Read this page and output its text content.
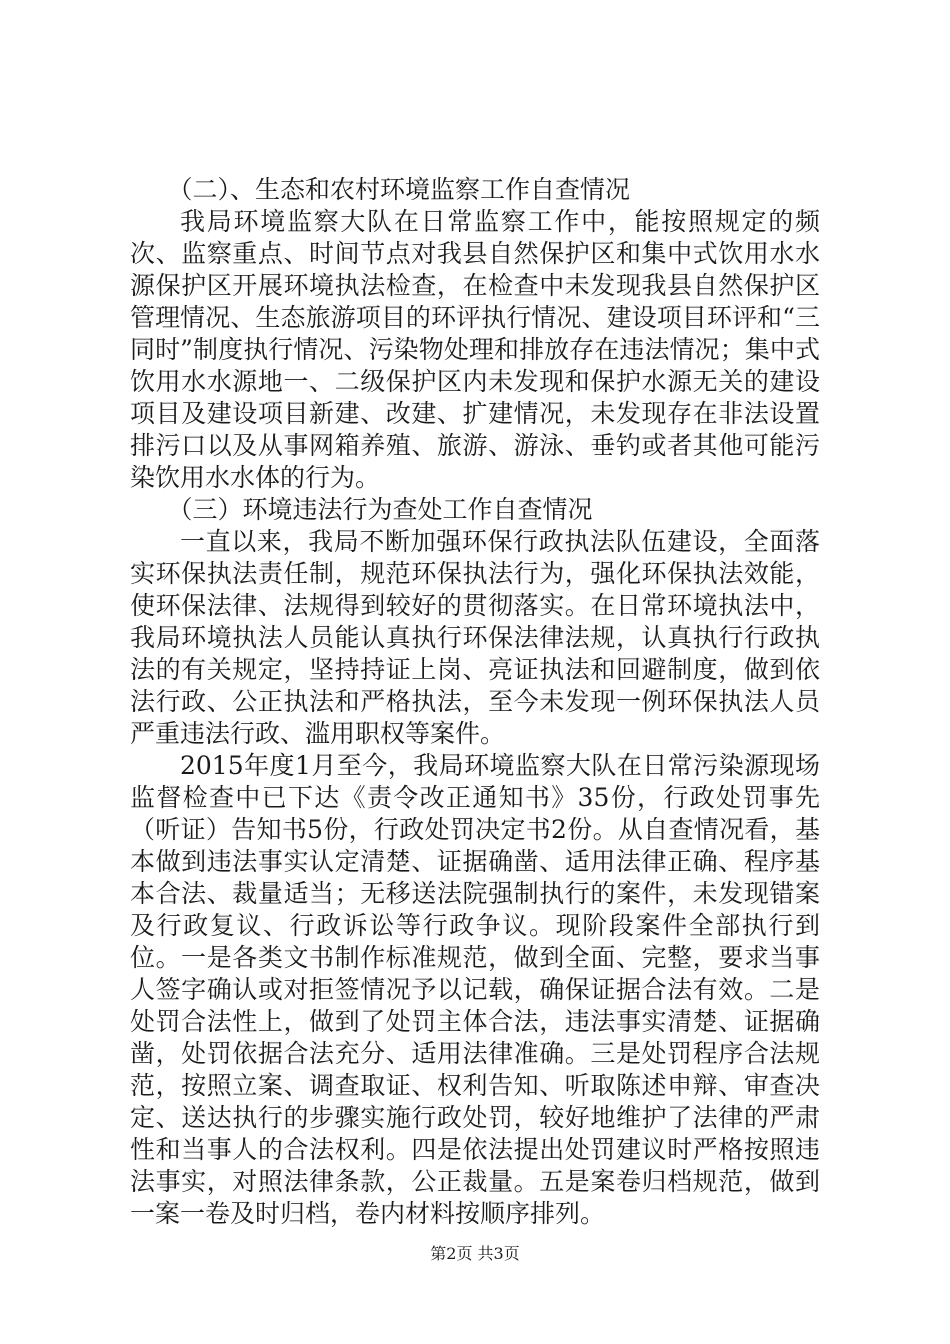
（二）、生态和农村环境监察工作自查情况

我局环境监察大队在日常监察工作中，能按照规定的频次、监察重点、时间节点对我县自然保护区和集中式饮用水水源保护区开展环境执法检查，在检查中未发现我县自然保护区管理情况、生态旅游项目的环评执行情况、建设项目环评和“三同时”制度执行情况、污染物处理和排放存在违法情况；集中式饮用水水源地一、二级保护区内未发现和保护水源无关的建设项目及建设项目新建、改建、扩建情况，未发现存在非法设置排污口以及从事网箱养殖、旅游、游泳、垂钓或者其他可能污染饮用水水体的行为。

（三）环境违法行为查处工作自查情况

一直以来，我局不断加强环保行政执法队伍建设，全面落实环保执法责任制，规范环保执法行为，强化环保执法效能，使环保法律、法规得到较好的贯彻落实。在日常环境执法中，我局环境执法人员能认真执行环保法律法规，认真执行行政执法的有关规定，坚持持证上岗、亮证执法和回避制度，做到依法行政、公正执法和严格执法，至今未发现一例环保执法人员严重违法行政、滥用职权等案件。

2015年度1月至今，我局环境监察大队在日常污染源现场监督检查中已下达《责令改正通知书》35份，行政处罚事先（听证）告知书5份，行政处罚决定书2份。从自查情况看，基本做到违法事实认定清楚、证据确凿、适用法律正确、程序基本合法、裁量适当；无移送法院强制执行的案件，未发现错案及行政复议、行政诉讼等行政争议。现阶段案件全部执行到位。一是各类文书制作标准规范，做到全面、完整，要求当事人签字确认或对拒签情况予以记载，确保证据合法有效。二是处罚合法性上，做到了处罚主体合法，违法事实清楚、证据确凿，处罚依据合法充分、适用法律准确。三是处罚程序合法规范，按照立案、调查取证、权利告知、听取陈述申辩、审查决定、送达执行的步骤实施行政处罚，较好地维护了法律的严肃性和当事人的合法权利。四是依法提出处罚建议时严格按照违法事实，对照法律条款，公正裁量。五是案卷归档规范，做到一案一卷及时归档，卷内材料按顺序排列。

第2页 共3页
